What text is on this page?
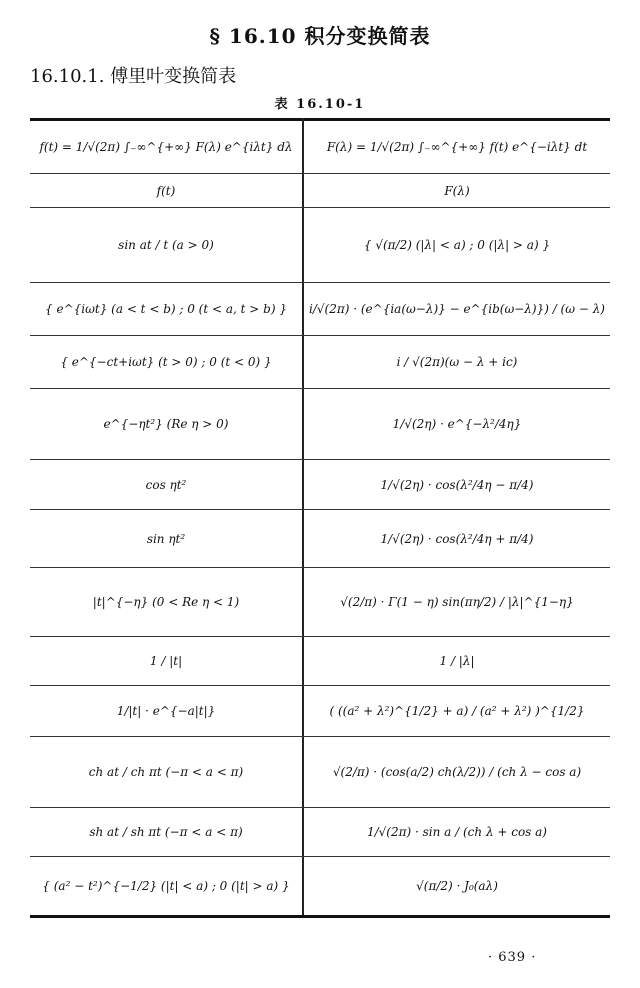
§ 16.10 积分变换简表
16.10.1. 傅里叶变换简表
表 16.10-1
f(t) = 1/√(2π) ∫₋∞^{+∞} F(λ) e^{iλt} dλ	F(λ) = 1/√(2π) ∫₋∞^{+∞} f(t) e^{−iλt} dt
f(t)	F(λ)
sin at / t (a > 0)	{ √(π/2) (|λ| < a) ; 0 (|λ| > a) }
{ e^{iωt} (a < t < b) ; 0 (t < a, t > b) }	i/√(2π) · (e^{ia(ω−λ)} − e^{ib(ω−λ)}) / (ω − λ)
{ e^{−ct+iωt} (t > 0) ; 0 (t < 0) }	i / √(2π)(ω − λ + ic)
e^{−ηt²} (Re η > 0)	1/√(2η) · e^{−λ²/4η}
cos ηt²	1/√(2η) · cos(λ²/4η − π/4)
sin ηt²	1/√(2η) · cos(λ²/4η + π/4)
|t|^{−η} (0 < Re η < 1)	√(2/π) · Γ(1 − η) sin(πη/2) / |λ|^{1−η}
1 / |t|	1 / |λ|
1/|t| · e^{−a|t|}	( ((a² + λ²)^{1/2} + a) / (a² + λ²) )^{1/2}
ch at / ch πt (−π < a < π)	√(2/π) · (cos(a/2) ch(λ/2)) / (ch λ − cos a)
sh at / sh πt (−π < a < π)	1/√(2π) · sin a / (ch λ + cos a)
{ (a² − t²)^{−1/2} (|t| < a) ; 0 (|t| > a) }	√(π/2) · J₀(aλ)
· 639 ·
